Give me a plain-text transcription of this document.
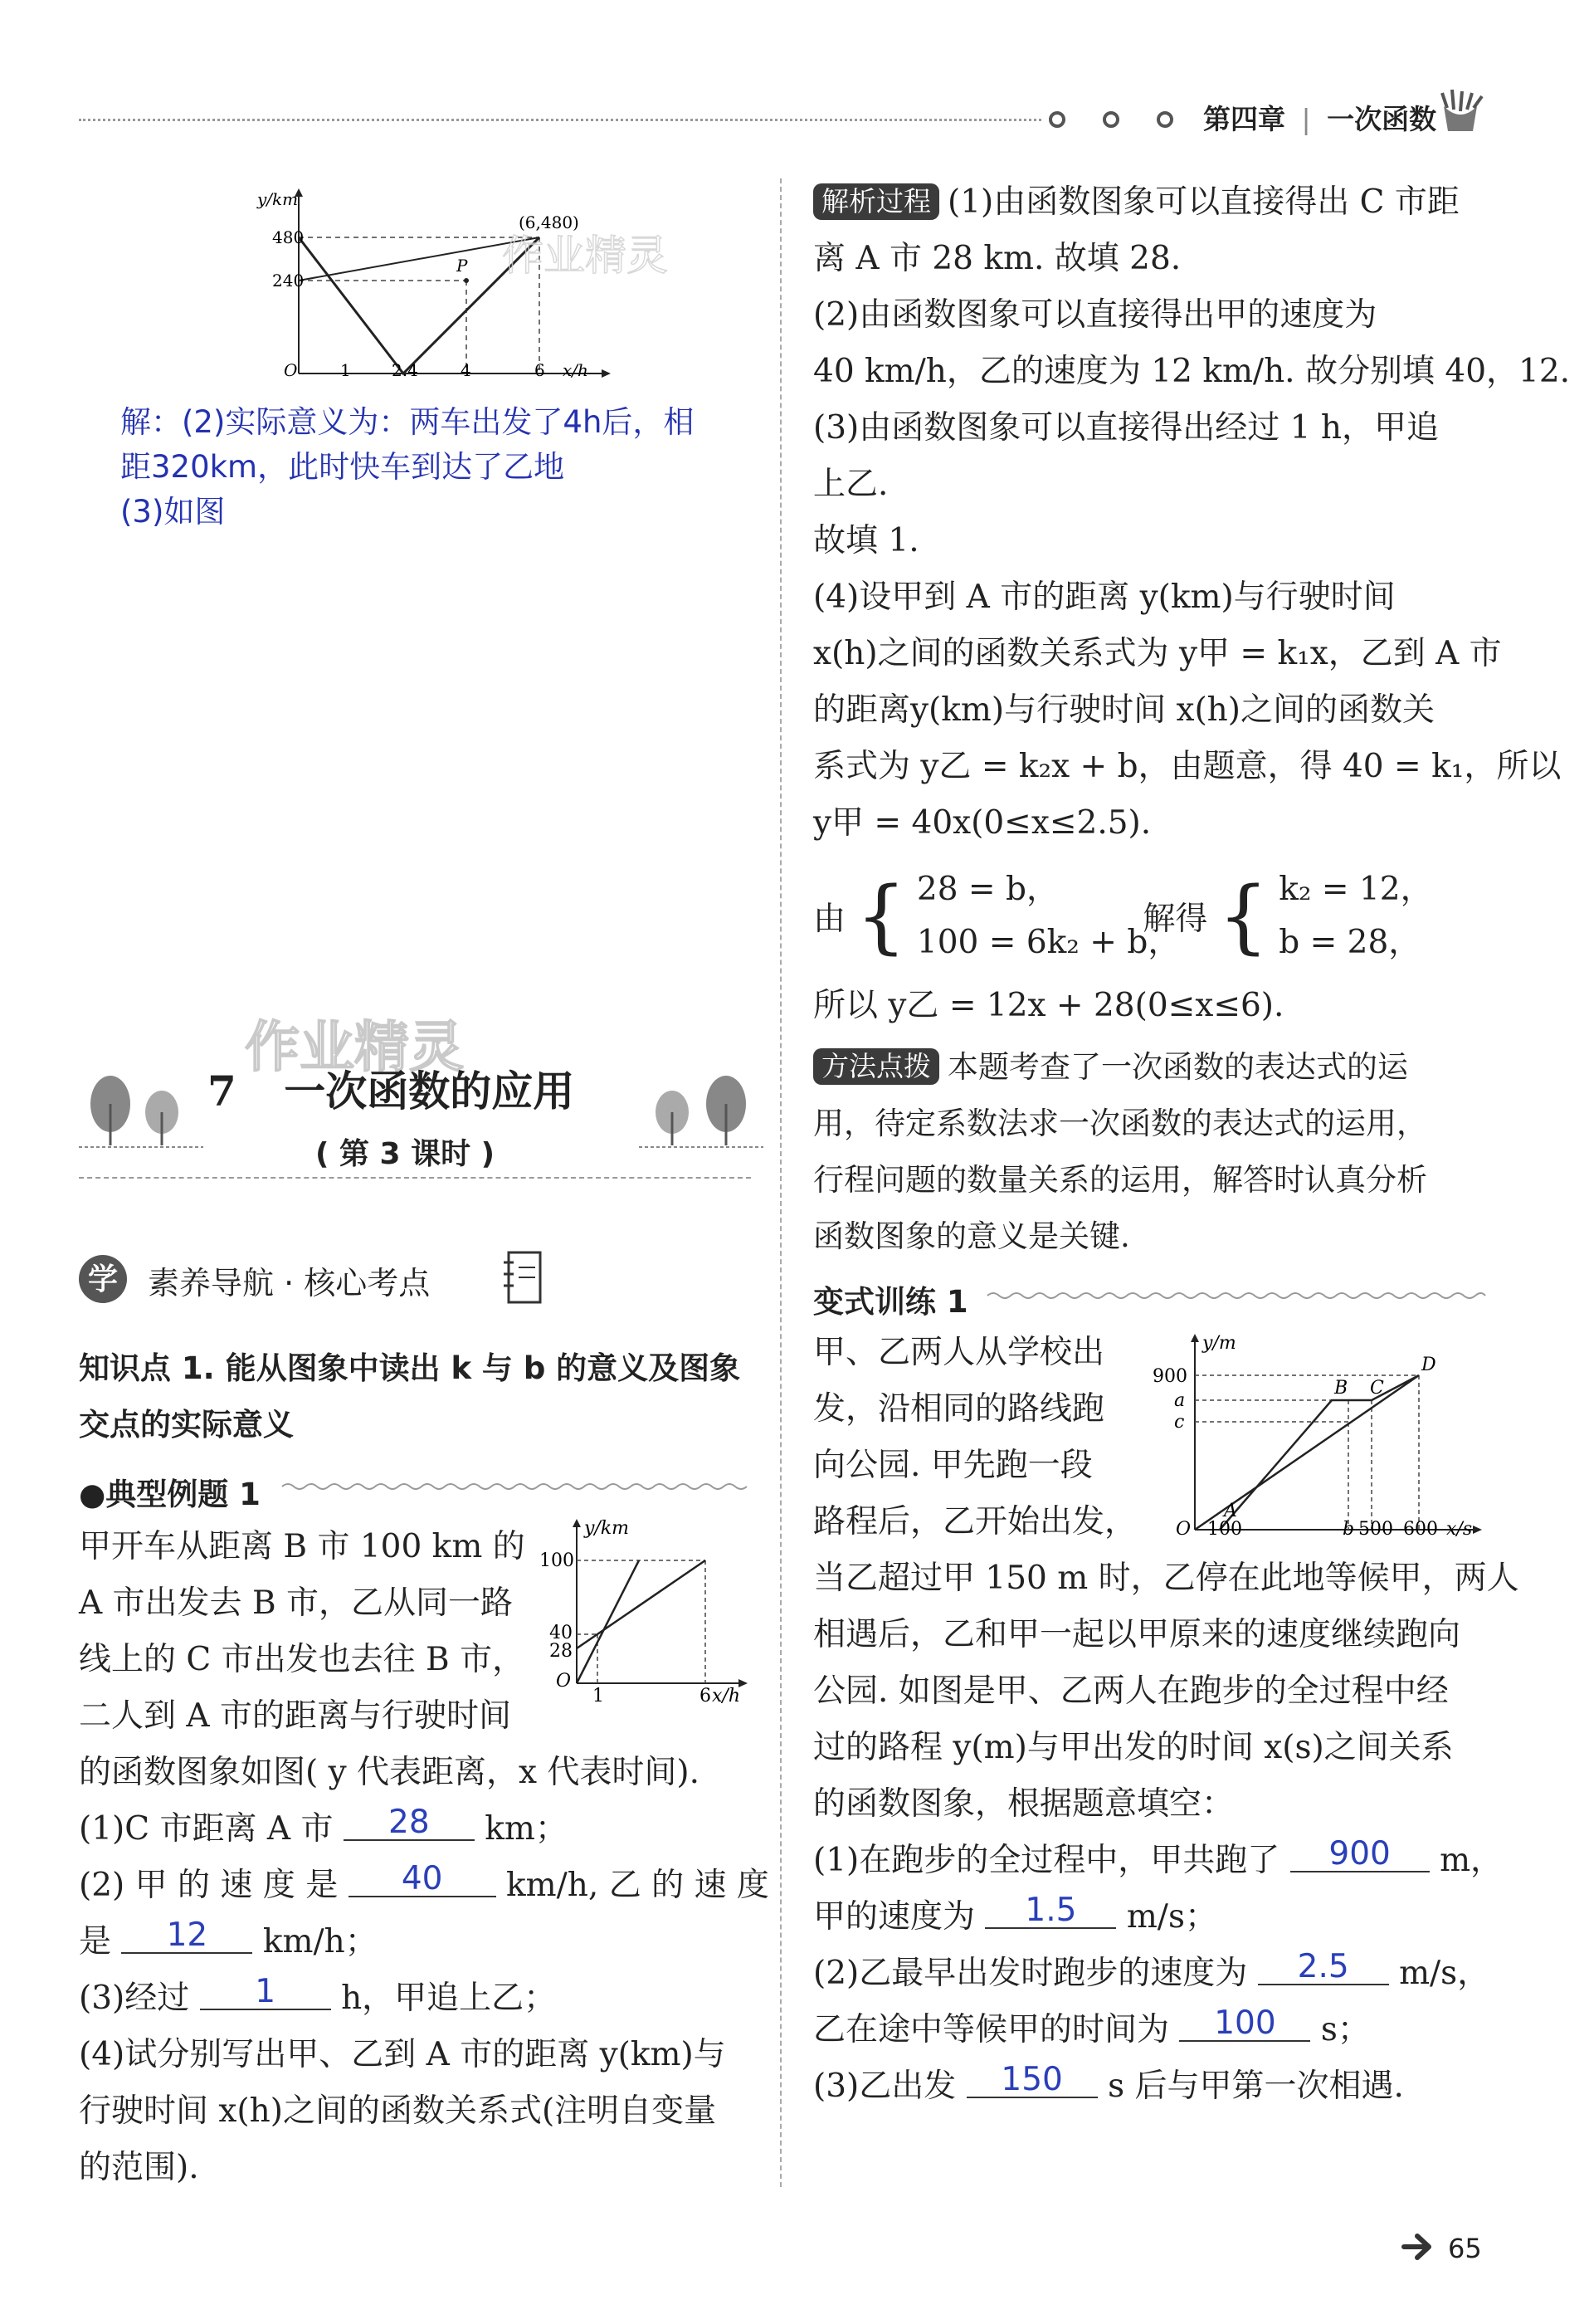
第四章 | 一次函数
y/km
480
240
O	1 2.4	4	6 x/h
(6,480)
P 作业精灵
解：(2)实际意义为：两车出发了4h后，相
距320km，此时快车到达了乙地
(3)如图
作业精灵
7 一次函数的应用
( 第 3 课时 )
学 素养导航 · 核心考点
知识点 1. 能从图象中读出 k 与 b 的意义及图象
交点的实际意义
●典型例题 1
甲开车从距离 B 市 100 km 的
A 市出发去 B 市，乙从同一路
线上的 C 市出发也去往 B 市，
二人到 A 市的距离与行驶时间
的函数图象如图( y 代表距离，x 代表时间).
(1)C 市距离 A 市 28 km；
(2) 甲 的 速 度 是 40 km/h, 乙 的 速 度
是 12 km/h；
(3)经过 1 h，甲追上乙；
(4)试分别写出甲、乙到 A 市的距离 y(km)与
行驶时间 x(h)之间的函数关系式(注明自变量
的范围).
y/km
100
40
28
O
1	6 x/h
解析过程 (1)由函数图象可以直接得出 C 市距
离 A 市 28 km. 故填 28.
(2)由函数图象可以直接得出甲的速度为
40 km/h，乙的速度为 12 km/h. 故分别填 40，12.
(3)由函数图象可以直接得出经过 1 h，甲追
上乙.
故填 1.
(4)设甲到 A 市的距离 y(km)与行驶时间
x(h)之间的函数关系式为 y甲 = k₁x，乙到 A 市
的距离y(km)与行驶时间 x(h)之间的函数关
系式为 y乙 = k₂x + b，由题意，得 40 = k₁，所以
y甲 = 40x(0≤x≤2.5).
由 { 28 = b，
100 = 6k₂ + b，
解得 { k₂ = 12，
b = 28，
所以 y乙 = 12x + 28(0≤x≤6).
方法点拨 本题考查了一次函数的表达式的运
用，待定系数法求一次函数的表达式的运用，
行程问题的数量关系的运用，解答时认真分析
函数图象的意义是关键.
变式训练 1
甲、乙两人从学校出
发，沿相同的路线跑
向公园. 甲先跑一段
路程后，乙开始出发，
当乙超过甲 150 m 时，乙停在此地等候甲，两人
相遇后，乙和甲一起以甲原来的速度继续跑向
公园. 如图是甲、乙两人在跑步的全过程中经
过的路程 y(m)与甲出发的时间 x(s)之间关系
的函数图象，根据题意填空：
(1)在跑步的全过程中，甲共跑了 900 m，
甲的速度为 1.5 m/s；
(2)乙最早出发时跑步的速度为 2.5 m/s，
乙在途中等候甲的时间为 100 s；
(3)乙出发 150 s 后与甲第一次相遇.
y/m
900
a
c
O 100	b 500 600 x/s
A
B C
D
65
